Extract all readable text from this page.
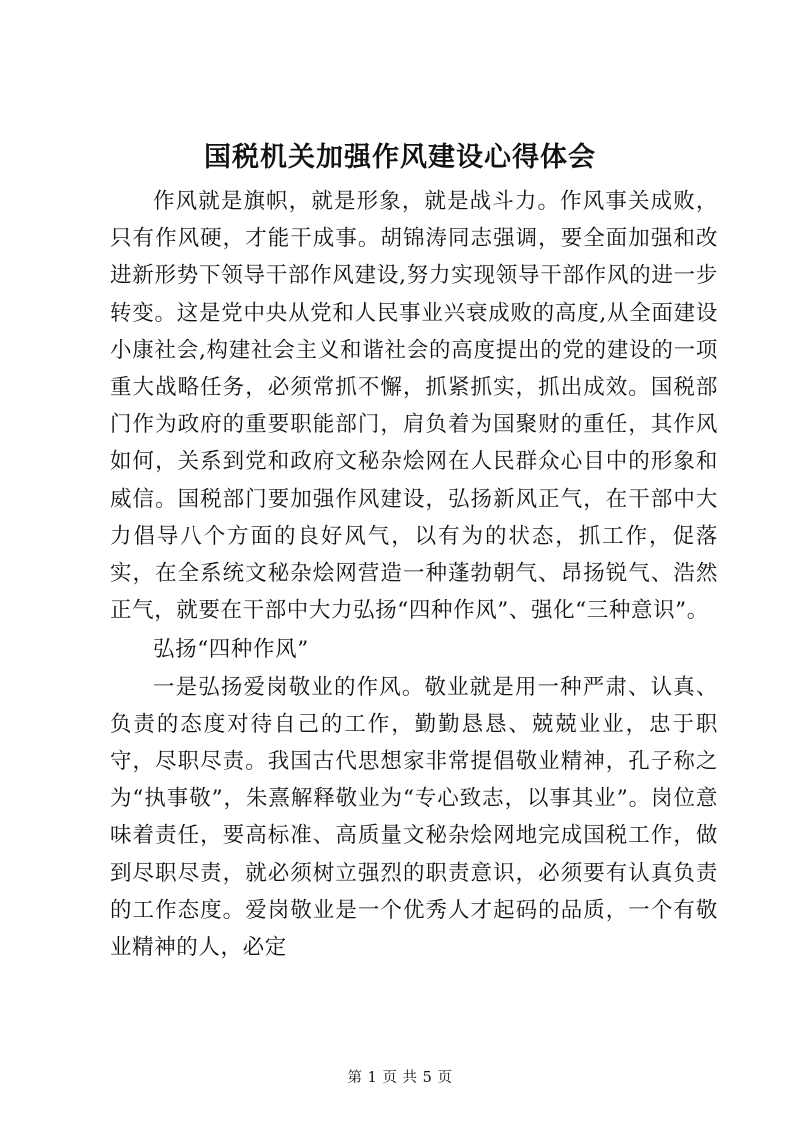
国税机关加强作风建设心得体会

作风就是旗帜，就是形象，就是战斗力。作风事关成败，只有作风硬，才能干成事。胡锦涛同志强调，要全面加强和改进新形势下领导干部作风建设,努力实现领导干部作风的进一步转变。这是党中央从党和人民事业兴衰成败的高度,从全面建设小康社会,构建社会主义和谐社会的高度提出的党的建设的一项重大战略任务，必须常抓不懈，抓紧抓实，抓出成效。国税部门作为政府的重要职能部门，肩负着为国聚财的重任，其作风如何，关系到党和政府文秘杂烩网在人民群众心目中的形象和威信。国税部门要加强作风建设，弘扬新风正气，在干部中大力倡导八个方面的良好风气，以有为的状态，抓工作，促落实，在全系统文秘杂烩网营造一种蓬勃朝气、昂扬锐气、浩然正气，就要在干部中大力弘扬“四种作风”、强化“三种意识”。

弘扬“四种作风”

一是弘扬爱岗敬业的作风。敬业就是用一种严肃、认真、负责的态度对待自己的工作，勤勤恳恳、兢兢业业，忠于职守，尽职尽责。我国古代思想家非常提倡敬业精神，孔子称之为“执事敬”，朱熹解释敬业为“专心致志，以事其业”。岗位意味着责任，要高标准、高质量文秘杂烩网地完成国税工作，做到尽职尽责，就必须树立强烈的职责意识，必须要有认真负责的工作态度。爱岗敬业是一个优秀人才起码的品质，一个有敬业精神的人，必定

第 1 页 共 5 页
